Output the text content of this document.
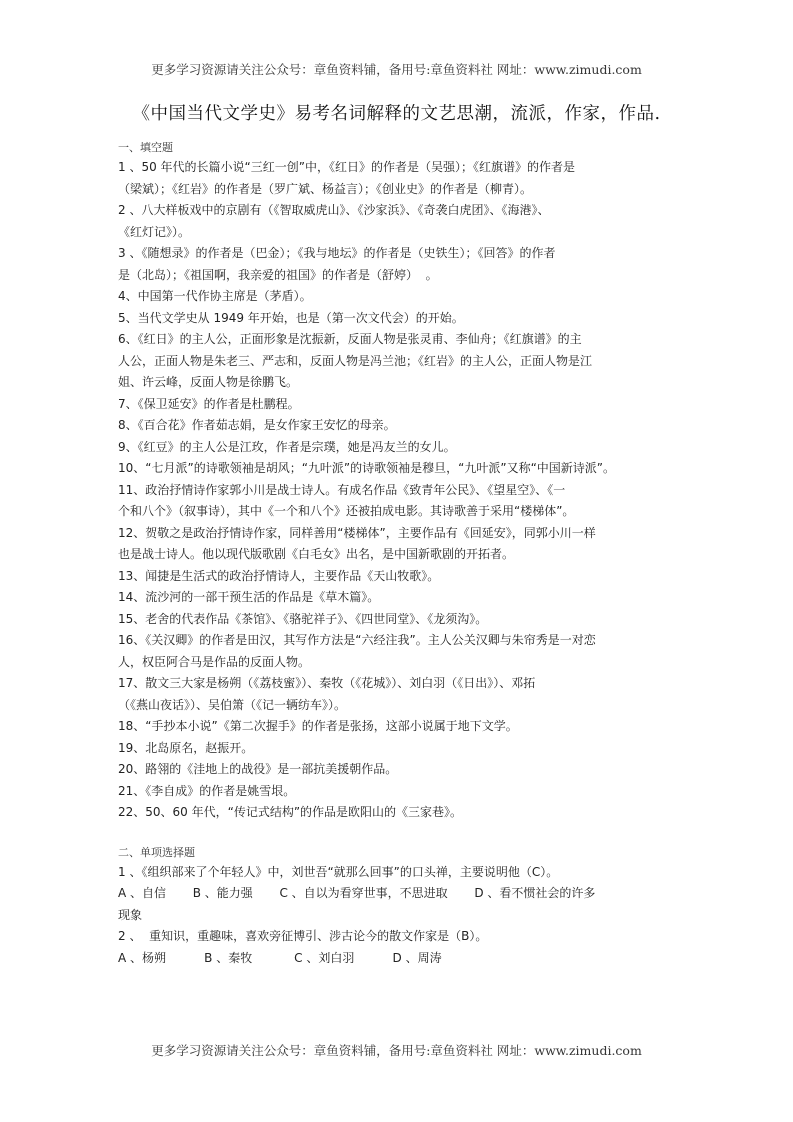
更多学习资源请关注公众号：章鱼资料铺，备用号:章鱼资料社 网址：www.zimudi.com
《中国当代文学史》易考名词解释的文艺思潮，流派，作家，作品.

一、填空题

1 、50 年代的长篇小说“三红一创”中，《红日》的作者是（吴强）；《红旗谱》的作者是

（梁斌）；《红岩》的作者是（罗广斌、杨益言）；《创业史》的作者是（柳青）。

2 、八大样板戏中的京剧有（《智取威虎山》、《沙家浜》、《奇袭白虎团》、《海港》、

《红灯记》）。

3 、《随想录》的作者是（巴金）；《我与地坛》的作者是（史铁生）；《回答》的作者

是（北岛）；《祖国啊，我亲爱的祖国》的作者是（舒婷）  。

4、中国第一代作协主席是（茅盾）。

5、当代文学史从 1949 年开始，也是（第一次文代会）的开始。

6、《红日》的主人公，正面形象是沈振新，反面人物是张灵甫、李仙舟；《红旗谱》的主

人公，正面人物是朱老三、严志和，反面人物是冯兰池；《红岩》的主人公，正面人物是江

姐、许云峰，反面人物是徐鹏飞。

7、《保卫延安》的作者是杜鹏程。

8、《百合花》作者茹志娟，是女作家王安忆的母亲。

9、《红豆》的主人公是江玫，作者是宗璞，她是冯友兰的女儿。

10、“七月派”的诗歌领袖是胡风；“九叶派”的诗歌领袖是穆旦，“九叶派”又称“中国新诗派”。

11、政治抒情诗作家郭小川是战士诗人。有成名作品《致青年公民》、《望星空》、《一

个和八个》（叙事诗），其中《一个和八个》还被拍成电影。其诗歌善于采用“楼梯体”。

12、贺敬之是政治抒情诗作家，同样善用“楼梯体”，主要作品有《回延安》，同郭小川一样

也是战士诗人。他以现代版歌剧《白毛女》出名，是中国新歌剧的开拓者。

13、闻捷是生活式的政治抒情诗人，主要作品《天山牧歌》。

14、流沙河的一部干预生活的作品是《草木篇》。

15、老舍的代表作品《茶馆》、《骆驼祥子》、《四世同堂》、《龙须沟》。

16、《关汉卿》的作者是田汉，其写作方法是“六经注我”。主人公关汉卿与朱帘秀是一对恋

人，权臣阿合马是作品的反面人物。

17、散文三大家是杨朔（《荔枝蜜》）、秦牧（《花城》）、刘白羽（《日出》）、邓拓

（《燕山夜话》）、吴伯箫（《记一辆纺车》）。

18、“手抄本小说”《第二次握手》的作者是张扬，这部小说属于地下文学。

19、北岛原名，赵振开。

20、路翎的《洼地上的战役》是一部抗美援朝作品。

21、《李自成》的作者是姚雪垠。

22、50、60 年代，“传记式结构”的作品是欧阳山的《三家巷》。

二、单项选择题

1 、《组织部来了个年轻人》中，刘世吾“就那么回事”的口头禅，主要说明他（C）。

A 、自信       B 、能力强       C 、自以为看穿世事，不思进取       D 、看不惯社会的许多

现象

2 、  重知识，重趣味，喜欢旁征博引、涉古论今的散文作家是（B）。

A 、杨朔          B 、秦牧           C 、刘白羽          D 、周涛

更多学习资源请关注公众号：章鱼资料铺，备用号:章鱼资料社 网址：www.zimudi.com
